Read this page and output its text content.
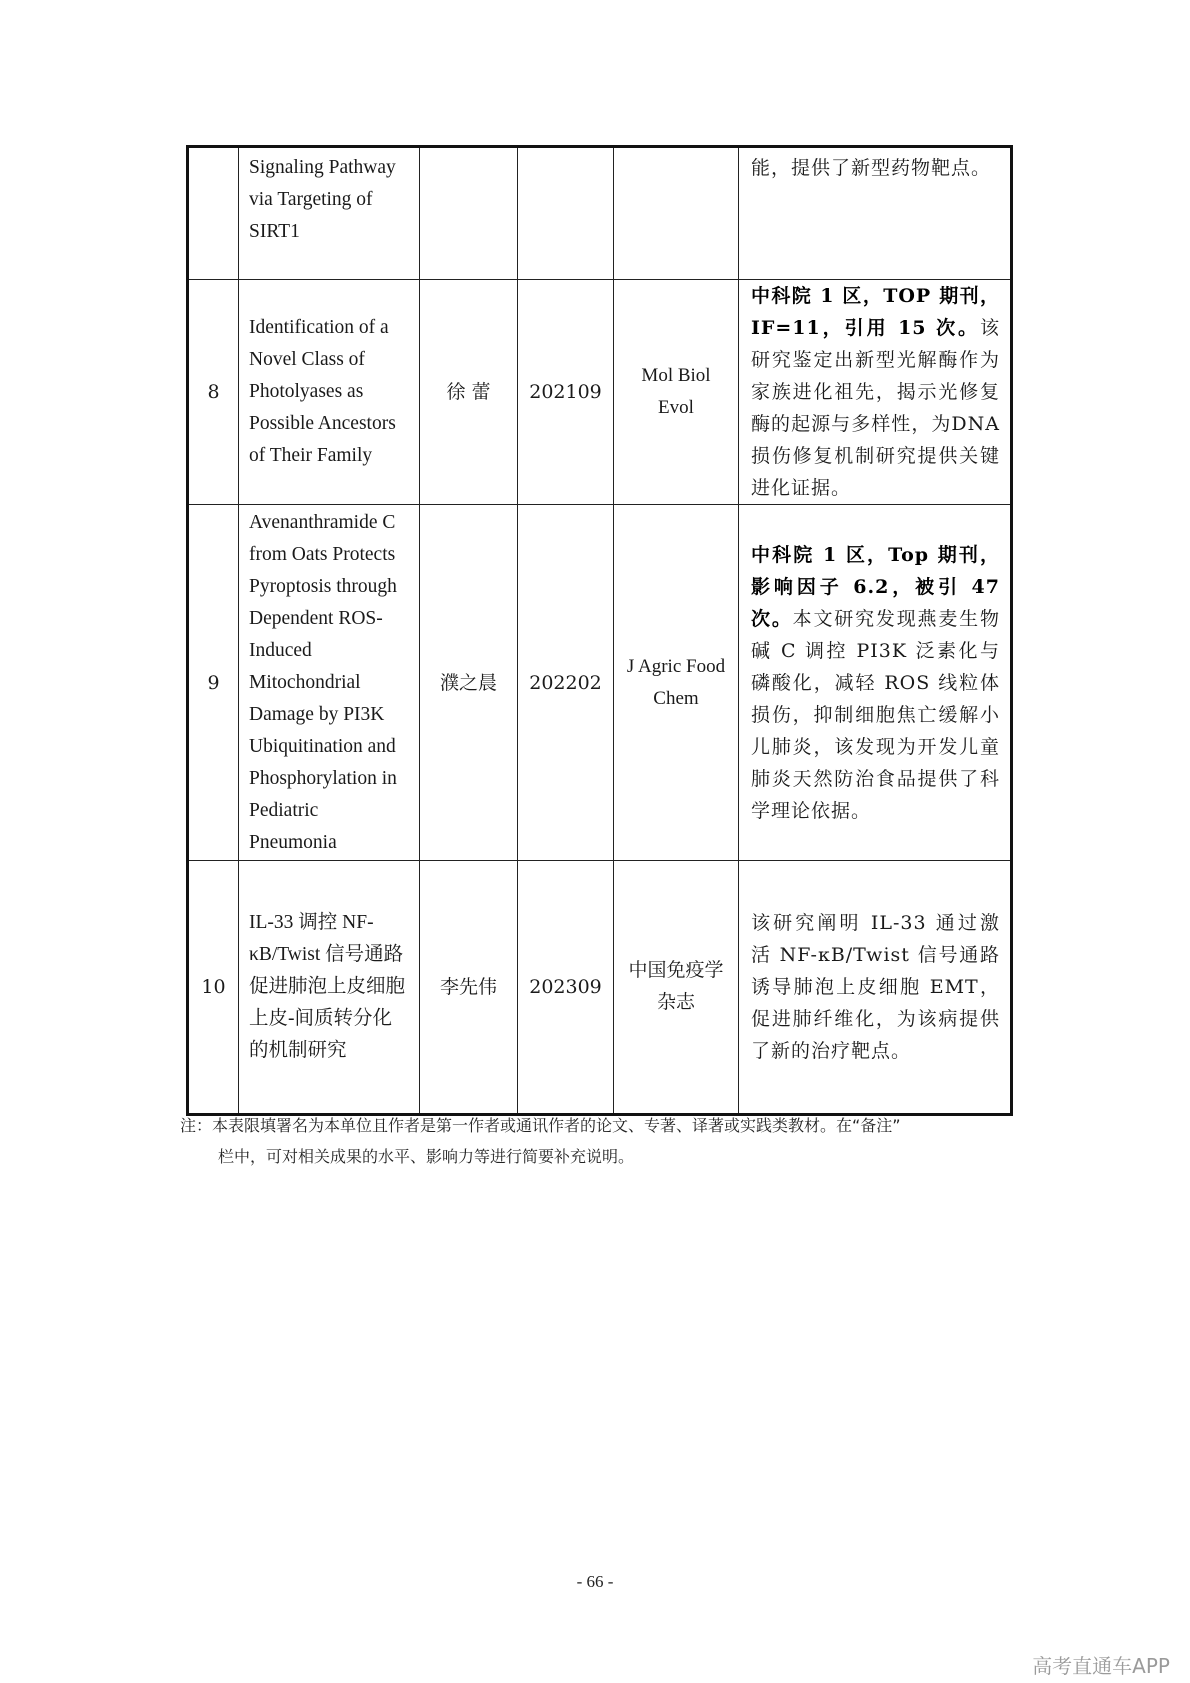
	Signaling Pathway via Targeting of SIRT1				能，提供了新型药物靶点。
8	Identification of a Novel Class of Photolyases as Possible Ancestors of Their Family	徐 蕾	202109	Mol Biol Evol	中科院 1 区，TOP 期刊，IF=11，引用 15 次。该研究鉴定出新型光解酶作为家族进化祖先，揭示光修复酶的起源与多样性，为DNA 损伤修复机制研究提供关键进化证据。
9	Avenanthramide C from Oats Protects Pyroptosis through Dependent ROS-Induced Mitochondrial Damage by PI3K Ubiquitination and Phosphorylation in Pediatric Pneumonia	濮之晨	202202	J Agric Food Chem	中科院 1 区，Top 期刊，影响因子 6.2，被引 47 次。本文研究发现燕麦生物碱 C 调控 PI3K 泛素化与磷酸化，减轻 ROS 线粒体损伤，抑制细胞焦亡缓解小儿肺炎，该发现为开发儿童肺炎天然防治食品提供了科学理论依据。
10	IL-33 调控 NF-κB/Twist 信号通路促进肺泡上皮细胞上皮-间质转分化的机制研究	李先伟	202309	中国免疫学杂志	该研究阐明 IL-33 通过激活 NF-κB/Twist 信号通路诱导肺泡上皮细胞 EMT，促进肺纤维化，为该病提供了新的治疗靶点。
注：本表限填署名为本单位且作者是第一作者或通讯作者的论文、专著、译著或实践类教材。在“备注”
栏中，可对相关成果的水平、影响力等进行简要补充说明。
- 66 -
高考直通车APP
